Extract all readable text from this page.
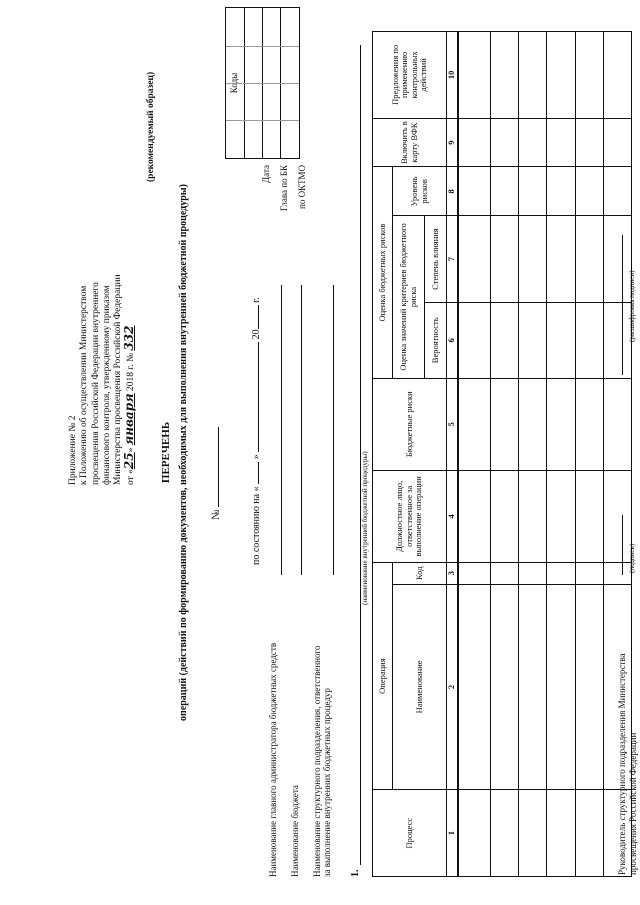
Приложение № 2 к Положению об осуществлении Министерством просвещения Российской Федерации внутреннего финансового контроля, утвержденному приказом Министерства просвещения Российской Федерации от «25» января 2018 г. № 332
(рекомендуемый образец)	Коды
Дата Глава по БК по ОКТМО
ПЕРЕЧЕНЬ операций (действий по формированию документов, необходимых для выполнения внутренней бюджетной процедуры) №	по состоянию на «  »  20 г.
Наименование главного администратора бюджетных средств Наименование бюджета Наименование структурного подразделения, ответственного за выполнение внутренних бюджетных процедур 1.
(наименование внутренней бюджетной процедуры)
Процесс	Операция		Должностное лицо, ответственное за выполнение операции	Бюджетные риски	Оценка бюджетных рисков			Включить в карту ВФК	Предложения по применению контрольных действий
	Наименование	Код			Оценка значений критериев бюджетного риска		Уровень рисков		
					Вероятность	Степень влияния			
1	2	3	4	5	6	7	8	9	10

Руководитель структурного подразделения Министерства просвещения Российской Федерации
(подпись)
(расшифровка подписи)
